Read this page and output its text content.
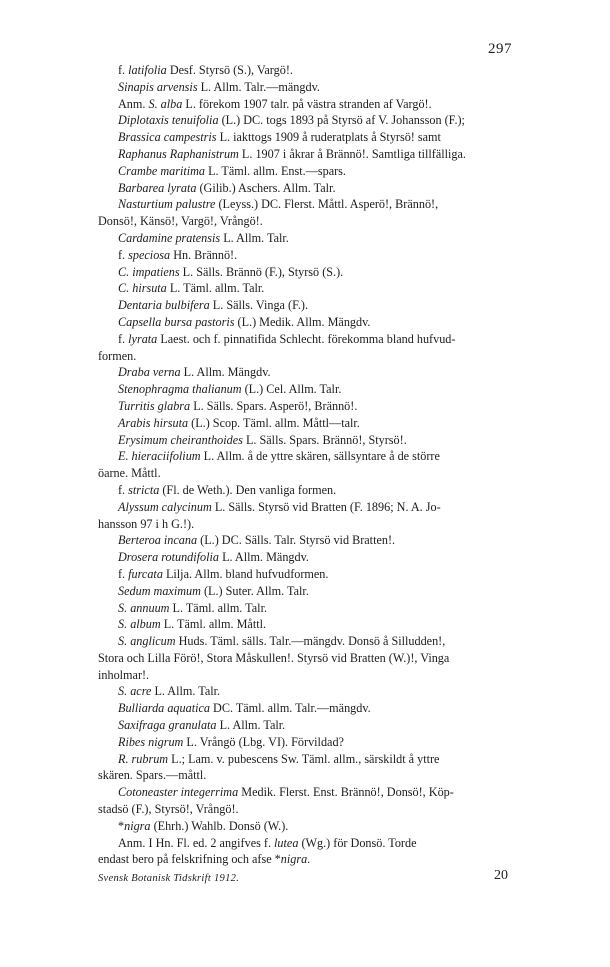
297
f. latifolia Desf. Styrsö (S.), Vargö!.
Sinapis arvensis L. Allm. Talr.—mängdv.
Anm. S. alba L. förekom 1907 talr. på västra stranden af Vargö!.
Diplotaxis tenuifolia (L.) DC. togs 1893 på Styrsö af V. Johansson (F.);
Brassica campestris L. iakttogs 1909 å ruderatplats å Styrsö! samt
Raphanus Raphanistrum L. 1907 i åkrar å Brännö!. Samtliga tillfälliga.
Crambe maritima L. Täml. allm. Enst.—spars.
Barbarea lyrata (Gilib.) Aschers. Allm. Talr.
Nasturtium palustre (Leyss.) DC. Flerst. Måttl. Asperö!, Brännö!,
Donsö!, Känsö!, Vargö!, Vrångö!.
Cardamine pratensis L. Allm. Talr.
f. speciosa Hn. Brännö!.
C. impatiens L. Sälls. Brännö (F.), Styrsö (S.).
C. hirsuta L. Täml. allm. Talr.
Dentaria bulbifera L. Sälls. Vinga (F.).
Capsella bursa pastoris (L.) Medik. Allm. Mängdv.
f. lyrata Laest. och f. pinnatifida Schlecht. förekomma bland hufvud-
formen.
Draba verna L. Allm. Mängdv.
Stenophragma thalianum (L.) Cel. Allm. Talr.
Turritis glabra L. Sälls. Spars. Asperö!, Brännö!.
Arabis hirsuta (L.) Scop. Täml. allm. Måttl—talr.
Erysimum cheiranthoides L. Sälls. Spars. Brännö!, Styrsö!.
E. hieraciifolium L. Allm. å de yttre skären, sällsyntare å de större
öarne. Måttl.
f. stricta (Fl. de Weth.). Den vanliga formen.
Alyssum calycinum L. Sälls. Styrsö vid Bratten (F. 1896; N. A. Jo-
hansson 97 i h G.!).
Berteroa incana (L.) DC. Sälls. Talr. Styrsö vid Bratten!.
Drosera rotundifolia L. Allm. Mängdv.
f. furcata Lilja. Allm. bland hufvudformen.
Sedum maximum (L.) Suter. Allm. Talr.
S. annuum L. Täml. allm. Talr.
S. album L. Täml. allm. Måttl.
S. anglicum Huds. Täml. sälls. Talr.—mängdv. Donsö å Silludden!,
Stora och Lilla Förö!, Stora Måskullen!. Styrsö vid Bratten (W.)!, Vinga
inholmar!.
S. acre L. Allm. Talr.
Bulliarda aquatica DC. Täml. allm. Talr.—mängdv.
Saxifraga granulata L. Allm. Talr.
Ribes nigrum L. Vrångö (Lbg. VI). Förvildad?
R. rubrum L.; Lam. v. pubescens Sw. Täml. allm., särskildt å yttre
skären. Spars.—måttl.
Cotoneaster integerrima Medik. Flerst. Enst. Brännö!, Donsö!, Köp-
stadsö (F.), Styrsö!, Vrångö!.
*nigra (Ehrh.) Wahlb. Donsö (W.).
Anm. I Hn. Fl. ed. 2 angifves f. lutea (Wg.) för Donsö. Torde
endast bero på felskrifning och afse *nigra.
Svensk Botanisk Tidskrift 1912.	20
